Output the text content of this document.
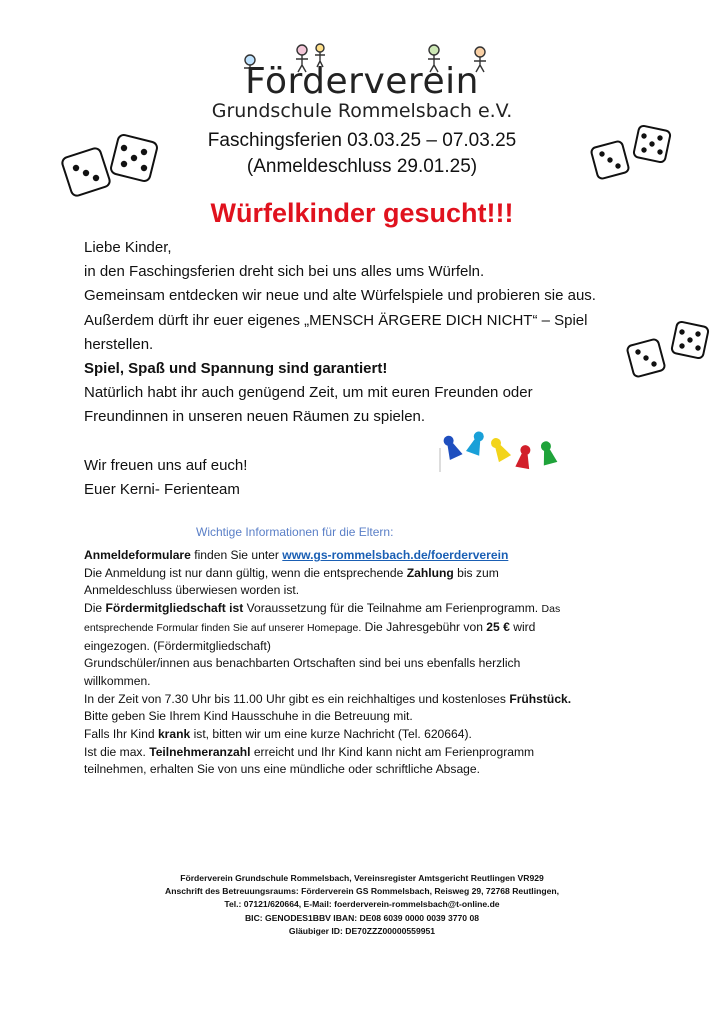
Förderverein
Grundschule Rommelsbach e.V.
Faschingsferien 03.03.25 – 07.03.25
(Anmeldeschluss 29.01.25)
Würfelkinder gesucht!!!

Liebe Kinder,

in den Faschingsferien dreht sich bei uns alles ums Würfeln.

Gemeinsam entdecken wir neue und alte Würfelspiele und probieren sie aus.

Außerdem dürft ihr euer eigenes „MENSCH ÄRGERE DICH NICHT“ – Spiel

herstellen.

Spiel, Spaß und Spannung sind garantiert!

Natürlich habt ihr auch genügend Zeit, um mit euren Freunden oder

Freundinnen in unseren neuen Räumen zu spielen.

Wir freuen uns auf euch!

Euer Kerni- Ferienteam

Wichtige Informationen für die Eltern:

Anmeldeformulare finden Sie unter www.gs-rommelsbach.de/foerderverein

Die Anmeldung ist nur dann gültig, wenn die entsprechende Zahlung bis zum

Anmeldeschluss überwiesen worden ist.

Die Fördermitgliedschaft ist Voraussetzung für die Teilnahme am Ferienprogramm. Das

entsprechende Formular finden Sie auf unserer Homepage. Die Jahresgebühr von 25 € wird

eingezogen. (Fördermitgliedschaft)

Grundschüler/innen aus benachbarten Ortschaften sind bei uns ebenfalls herzlich

willkommen.

In der Zeit von 7.30 Uhr bis 11.00 Uhr gibt es ein reichhaltiges und kostenloses Frühstück.

Bitte geben Sie Ihrem Kind Hausschuhe in die Betreuung mit.

Falls Ihr Kind krank ist, bitten wir um eine kurze Nachricht (Tel. 620664).

Ist die max. Teilnehmeranzahl erreicht und Ihr Kind kann nicht am Ferienprogramm

teilnehmen, erhalten Sie von uns eine mündliche oder schriftliche Absage.

Förderverein Grundschule Rommelsbach, Vereinsregister Amtsgericht Reutlingen VR929

Anschrift des Betreuungsraums: Förderverein GS Rommelsbach, Reisweg 29, 72768 Reutlingen,

Tel.: 07121/620664, E-Mail: foerderverein-rommelsbach@t-online.de

BIC: GENODES1BBV IBAN: DE08 6039 0000 0039 3770 08

Gläubiger ID: DE70ZZZ00000559951
